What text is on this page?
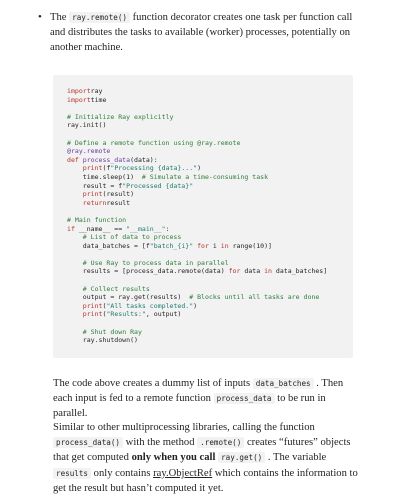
• The ray.remote() function decorator creates one task per function call and distributes the tasks to available (worker) processes, potentially on another machine.
importray
importtime

# Initialize Ray explicitly
ray.init()

# Define a remote function using @ray.remote
@ray.remote
def process_data(data):
print(f"Processing {data}...")
time.sleep(1)  # Simulate a time-consuming task
result = f"Processed {data}"
print(result)
returnresult

# Main function
if __name__ == "__main__":
# List of data to process
data_batches = [f"batch_{i}" for i in range(10)]

# Use Ray to process data in parallel
results = [process_data.remote(data) for data in data_batches]

# Collect results
output = ray.get(results)  # Blocks until all tasks are done
print("All tasks completed.")
print("Results:", output)

# Shut down Ray
ray.shutdown()
The code above creates a dummy list of inputs data_batches . Then each input is fed to a remote function process_data to be run in parallel.
Similar to other multiprocessing libraries, calling the function process_data() with the method .remote() creates “futures” objects that get computed only when you call ray.get() . The variable results only contains ray.ObjectRef which contains the information to get the result but hasn’t computed it yet.
